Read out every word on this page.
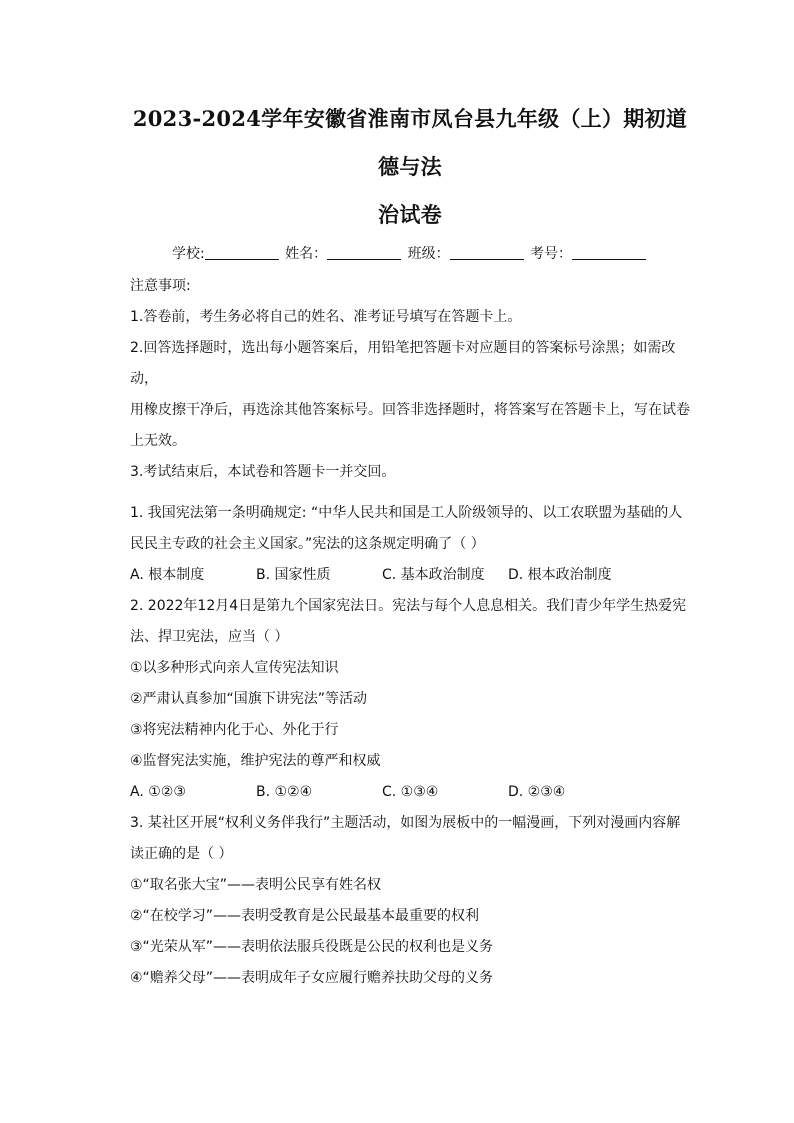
2023-2024学年安徽省淮南市凤台县九年级（上）期初道德与法
治试卷
学校:	姓名：	班级：	考号：

注意事项:

1.答卷前，考生务必将自己的姓名、准考证号填写在答题卡上。

2.回答选择题时，选出每小题答案后，用铅笔把答题卡对应题目的答案标号涂黑；如需改动，

用橡皮擦干净后，再选涂其他答案标号。回答非选择题时，将答案写在答题卡上，写在试卷

上无效。

3.考试结束后，本试卷和答题卡一并交回。

1. 我国宪法第一条明确规定: “中华人民共和国是工人阶级领导的、以工农联盟为基础的人

民民主专政的社会主义国家。”宪法的这条规定明确了（ ）

A. 根本制度	B. 国家性质	C. 基本政治制度	D. 根本政治制度

2. 2022年12月4日是第九个国家宪法日。宪法与每个人息息相关。我们青少年学生热爱宪

法、捍卫宪法，应当（ ）

①以多种形式向亲人宣传宪法知识

②严肃认真参加“国旗下讲宪法”等活动

③将宪法精神内化于心、外化于行

④监督宪法实施，维护宪法的尊严和权威

A. ①②③	B. ①②④	C. ①③④	D. ②③④

3. 某社区开展“权利义务伴我行”主题活动，如图为展板中的一幅漫画，下列对漫画内容解

读正确的是（ ）

①“取名张大宝”——表明公民享有姓名权

②“在校学习”——表明受教育是公民最基本最重要的权利

③“光荣从军”——表明依法服兵役既是公民的权利也是义务

④“赡养父母”——表明成年子女应履行赡养扶助父母的义务
